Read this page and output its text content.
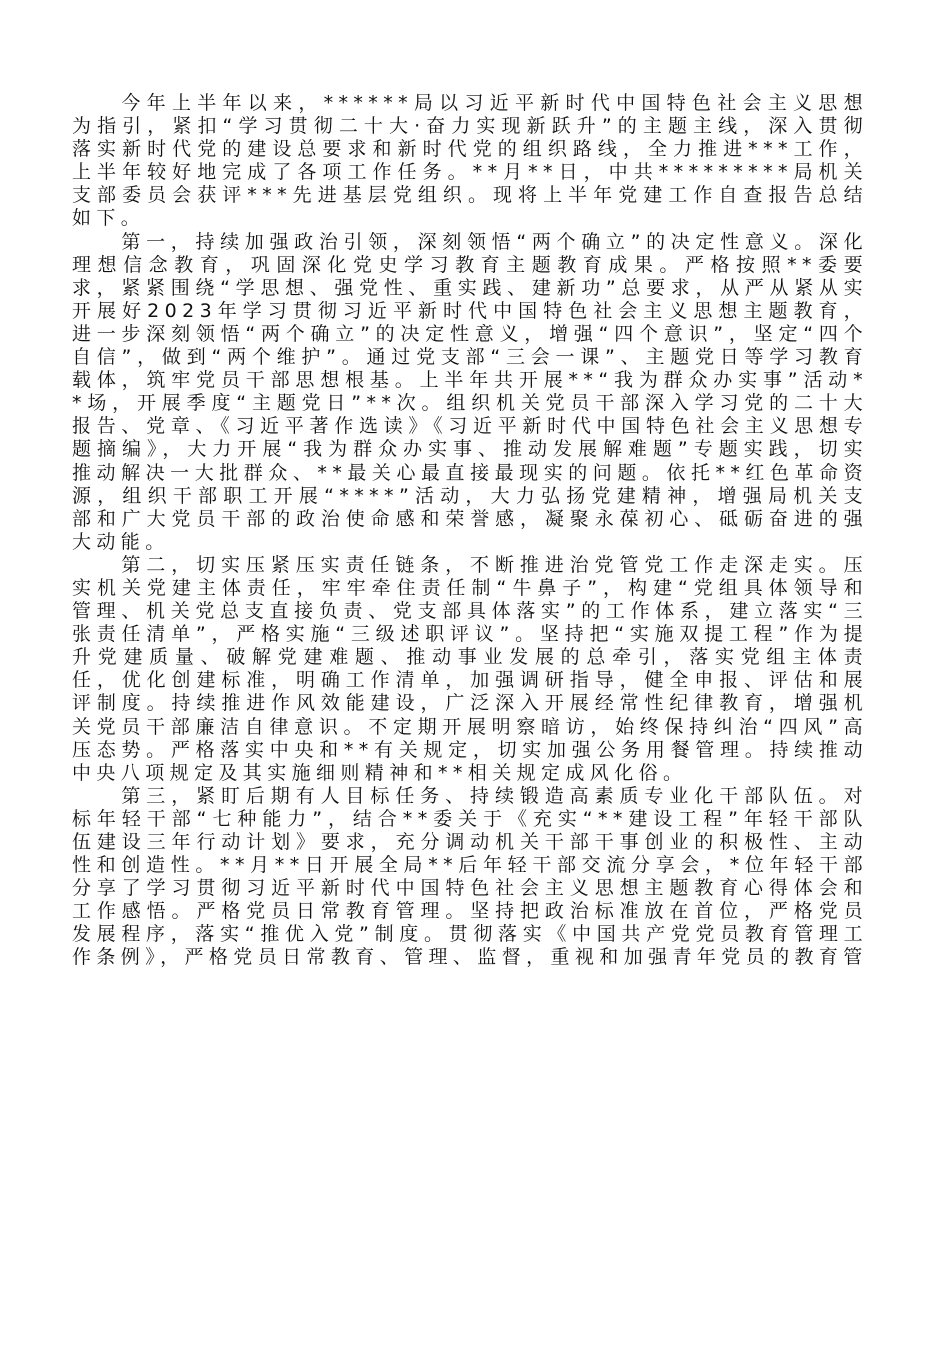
今年上半年以来，******局以习近平新时代中国特色社会主义思想为指引，紧扣“学习贯彻二十大·奋力实现新跃升”的主题主线，深入贯彻落实新时代党的建设总要求和新时代党的组织路线，全力推进***工作，上半年较好地完成了各项工作任务。**月**日，中共*********局机关支部委员会获评***先进基层党组织。现将上半年党建工作自查报告总结如下。

第一，持续加强政治引领，深刻领悟“两个确立”的决定性意义。深化理想信念教育，巩固深化党史学习教育主题教育成果。严格按照**委要求，紧紧围绕“学思想、强党性、重实践、建新功”总要求，从严从紧从实开展好2023年学习贯彻习近平新时代中国特色社会主义思想主题教育，进一步深刻领悟“两个确立”的决定性意义，增强“四个意识”，坚定“四个自信”，做到“两个维护”。通过党支部“三会一课”、主题党日等学习教育载体，筑牢党员干部思想根基。上半年共开展**“我为群众办实事”活动**场，开展季度“主题党日”**次。组织机关党员干部深入学习党的二十大报告、党章、《习近平著作选读》《习近平新时代中国特色社会主义思想专题摘编》，大力开展“我为群众办实事、推动发展解难题”专题实践，切实推动解决一大批群众、**最关心最直接最现实的问题。依托**红色革命资源，组织干部职工开展“****”活动，大力弘扬党建精神，增强局机关支部和广大党员干部的政治使命感和荣誉感，凝聚永葆初心、砥砺奋进的强大动能。

第二，切实压紧压实责任链条，不断推进治党管党工作走深走实。压实机关党建主体责任，牢牢牵住责任制“牛鼻子”，构建“党组具体领导和管理、机关党总支直接负责、党支部具体落实”的工作体系，建立落实“三张责任清单”，严格实施“三级述职评议”。坚持把“实施双提工程”作为提升党建质量、破解党建难题、推动事业发展的总牵引，落实党组主体责任，优化创建标准，明确工作清单，加强调研指导，健全申报、评估和展评制度。持续推进作风效能建设，广泛深入开展经常性纪律教育，增强机关党员干部廉洁自律意识。不定期开展明察暗访，始终保持纠治“四风”高压态势。严格落实中央和**有关规定，切实加强公务用餐管理。持续推动中央八项规定及其实施细则精神和**相关规定成风化俗。

第三，紧盯后期有人目标任务、持续锻造高素质专业化干部队伍。对标年轻干部“七种能力”，结合**委关于《充实“**建设工程”年轻干部队伍建设三年行动计划》要求，充分调动机关干部干事创业的积极性、主动性和创造性。**月**日开展全局**后年轻干部交流分享会，*位年轻干部分享了学习贯彻习近平新时代中国特色社会主义思想主题教育心得体会和工作感悟。严格党员日常教育管理。坚持把政治标准放在首位，严格党员发展程序，落实“推优入党”制度。贯彻落实《中国共产党党员教育管理工作条例》，严格党员日常教育、管理、监督，重视和加强青年党员的教育管
